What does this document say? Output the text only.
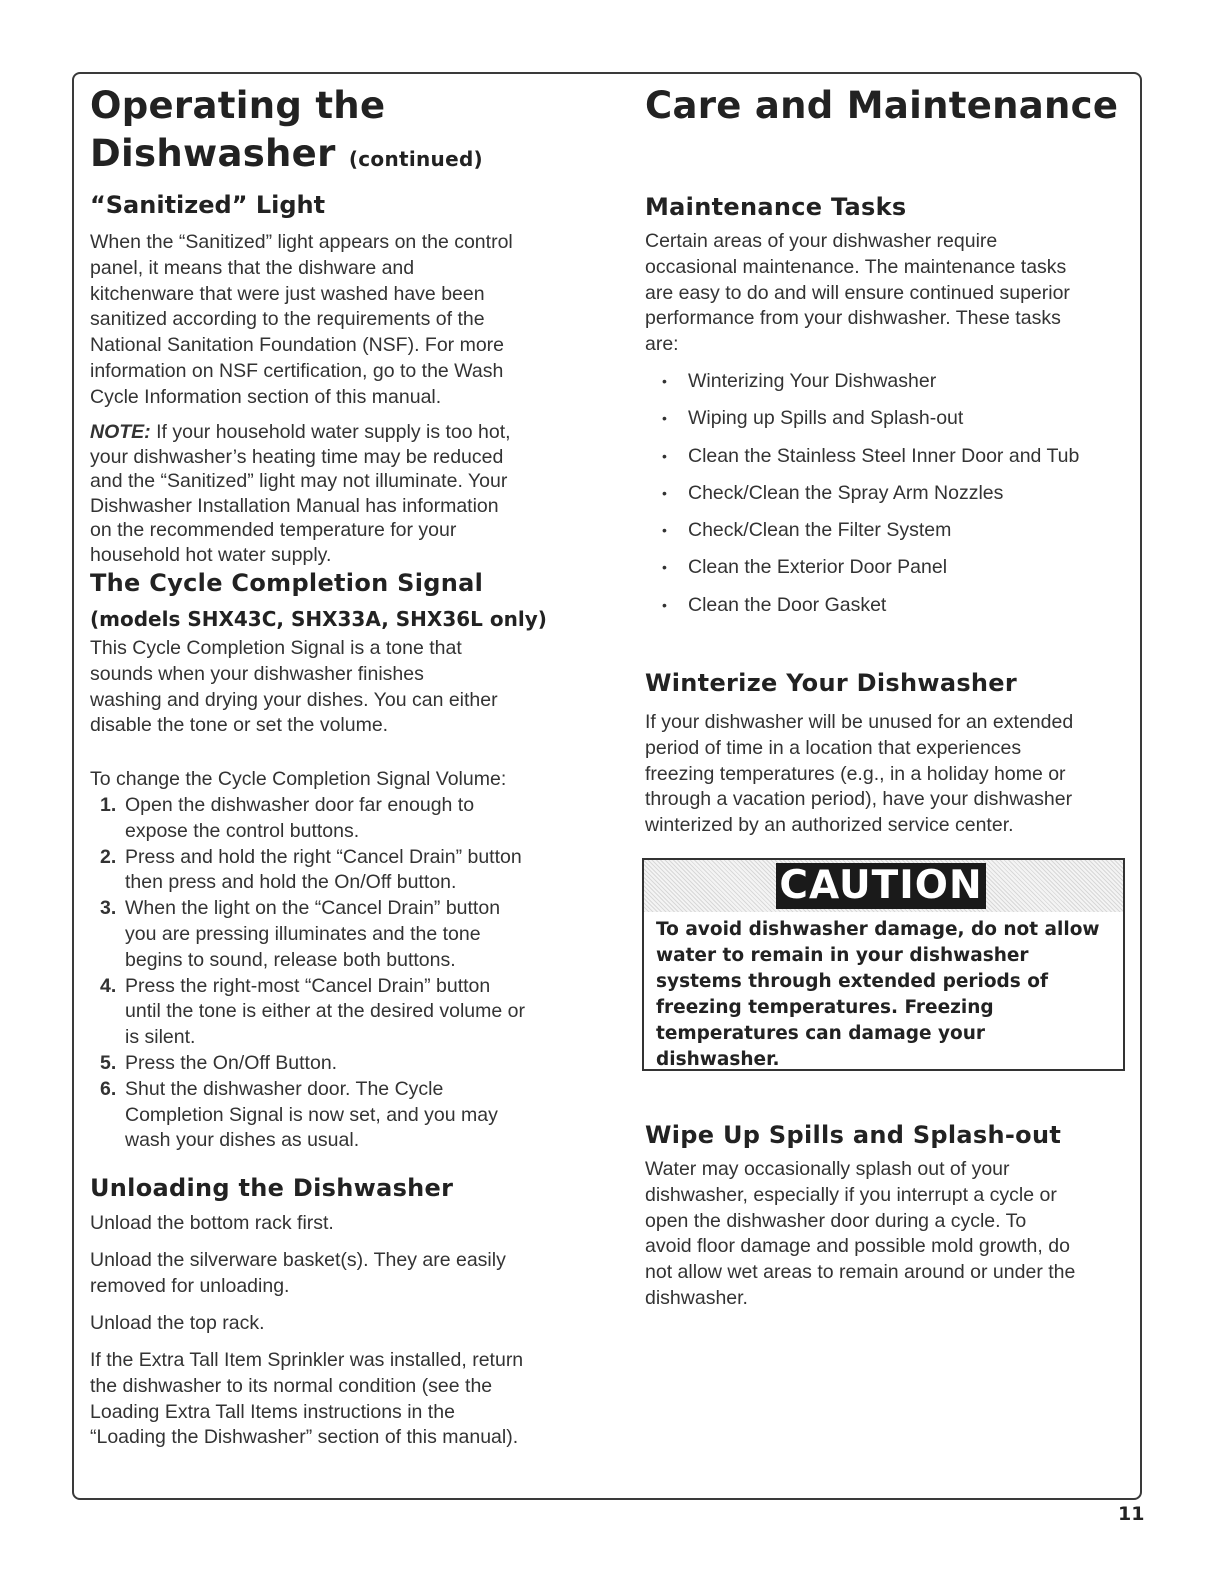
Operating the
Dishwasher (continued)
“Sanitized” Light

When the “Sanitized” light appears on the control

panel, it means that the dishware and

kitchenware that were just washed have been

sanitized according to the requirements of the

National Sanitation Foundation (NSF). For more

information on NSF certification, go to the Wash

Cycle Information section of this manual.

NOTE: If your household water supply is too hot,

your dishwasher’s heating time may be reduced

and the “Sanitized” light may not illuminate. Your

Dishwasher Installation Manual has information

on the recommended temperature for your

household hot water supply.

The Cycle Completion Signal
(models SHX43C, SHX33A, SHX36L only)

This Cycle Completion Signal is a tone that

sounds when your dishwasher finishes

washing and drying your dishes. You can either

disable the tone or set the volume.

To change the Cycle Completion Signal Volume:

1. Open the dishwasher door far enough to
expose the control buttons.
2. Press and hold the right “Cancel Drain” button
then press and hold the On/Off button.
3. When the light on the “Cancel Drain” button
you are pressing illuminates and the tone
begins to sound, release both buttons.
4. Press the right-most “Cancel Drain” button
until the tone is either at the desired volume or
is silent.
5. Press the On/Off Button.
6. Shut the dishwasher door. The Cycle
Completion Signal is now set, and you may
wash your dishes as usual.
Unloading the Dishwasher

Unload the bottom rack first.

Unload the silverware basket(s). They are easily

removed for unloading.

Unload the top rack.

If the Extra Tall Item Sprinkler was installed, return

the dishwasher to its normal condition (see the

Loading Extra Tall Items instructions in the

“Loading the Dishwasher” section of this manual).

Care and Maintenance
Maintenance Tasks

Certain areas of your dishwasher require

occasional maintenance. The maintenance tasks

are easy to do and will ensure continued superior

performance from your dishwasher. These tasks

are:

• Winterizing Your Dishwasher
• Wiping up Spills and Splash-out
• Clean the Stainless Steel Inner Door and Tub
• Check/Clean the Spray Arm Nozzles
• Check/Clean the Filter System
• Clean the Exterior Door Panel
• Clean the Door Gasket
Winterize Your Dishwasher

If your dishwasher will be unused for an extended

period of time in a location that experiences

freezing temperatures (e.g., in a holiday home or

through a vacation period), have your dishwasher

winterized by an authorized service center.

CAUTION
To avoid dishwasher damage, do not allow
water to remain in your dishwasher
systems through extended periods of
freezing temperatures. Freezing
temperatures can damage your
dishwasher.
Wipe Up Spills and Splash-out

Water may occasionally splash out of your

dishwasher, especially if you interrupt a cycle or

open the dishwasher door during a cycle. To

avoid floor damage and possible mold growth, do

not allow wet areas to remain around or under the

dishwasher.

11
